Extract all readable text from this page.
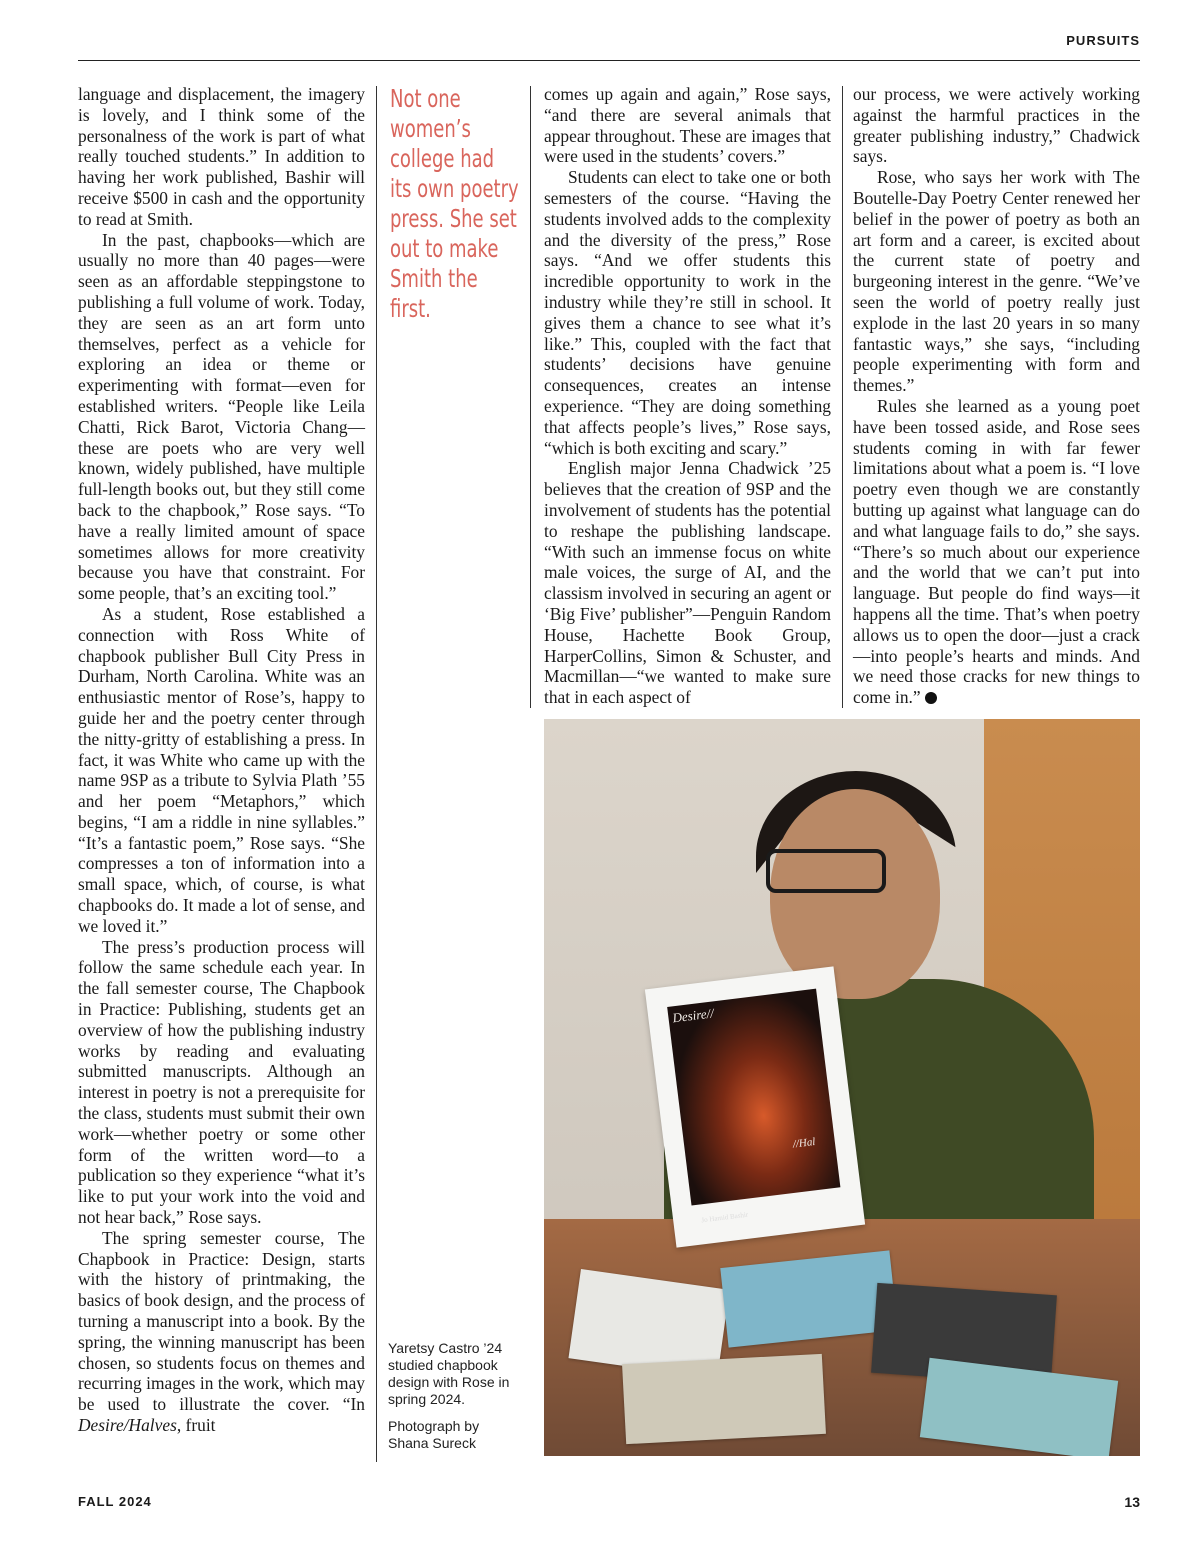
PURSUITS

language and displacement, the imagery is lovely, and I think some of the personalness of the work is part of what really touched students.” In addition to having her work published, Bashir will receive $500 in cash and the opportunity to read at Smith.

In the past, chapbooks—which are usually no more than 40 pages—were seen as an affordable steppingstone to publishing a full volume of work. Today, they are seen as an art form unto themselves, perfect as a vehicle for exploring an idea or theme or experimenting with format—even for established writers. “People like Leila Chatti, Rick Barot, Victoria Chang—these are poets who are very well known, widely published, have multiple full-length books out, but they still come back to the chapbook,” Rose says. “To have a really limited amount of space sometimes allows for more creativity because you have that constraint. For some people, that’s an exciting tool.”

As a student, Rose established a connection with Ross White of chapbook publisher Bull City Press in Durham, North Carolina. White was an enthusiastic mentor of Rose’s, happy to guide her and the poetry center through the nitty-gritty of establishing a press. In fact, it was White who came up with the name 9SP as a tribute to Sylvia Plath ’55 and her poem “Metaphors,” which begins, “I am a riddle in nine syllables.” “It’s a fantastic poem,” Rose says. “She compresses a ton of information into a small space, which, of course, is what chapbooks do. It made a lot of sense, and we loved it.”

The press’s production process will follow the same schedule each year. In the fall semester course, The Chapbook in Practice: Publishing, students get an overview of how the publishing industry works by reading and evaluating submitted manuscripts. Although an interest in poetry is not a prerequisite for the class, students must submit their own work—whether poetry or some other form of the written word—to a publication so they experience “what it’s like to put your work into the void and not hear back,” Rose says.

The spring semester course, The Chapbook in Practice: Design, starts with the history of printmaking, the basics of book design, and the process of turning a manuscript into a book. By the spring, the winning manuscript has been chosen, so students focus on themes and recurring images in the work, which may be used to illustrate the cover. “In Desire/Halves, fruit

Not one women’s college had its own poetry press. She set out to make Smith the first.
Yaretsy Castro ’24 studied chapbook design with Rose in spring 2024.
Photograph by Shana Sureck

comes up again and again,” Rose says, “and there are several animals that appear throughout. These are images that were used in the students’ covers.”

Students can elect to take one or both semesters of the course. “Having the students involved adds to the complexity and the diversity of the press,” Rose says. “And we offer students this incredible opportunity to work in the industry while they’re still in school. It gives them a chance to see what it’s like.” This, coupled with the fact that students’ decisions have genuine consequences, creates an intense experience. “They are doing something that affects people’s lives,” Rose says, “which is both exciting and scary.”

English major Jenna Chadwick ’25 believes that the creation of 9SP and the involvement of students has the potential to reshape the publishing landscape. “With such an immense focus on white male voices, the surge of AI, and the classism involved in securing an agent or ‘Big Five’ publisher”—Penguin Random House, Hachette Book Group, HarperCollins, Simon & Schuster, and Macmillan—“we wanted to make sure that in each aspect of

our process, we were actively working against the harmful practices in the greater publishing industry,” Chadwick says.

Rose, who says her work with The Boutelle-Day Poetry Center renewed her belief in the power of poetry as both an art form and a career, is excited about the current state of poetry and burgeoning interest in the genre. “We’ve seen the world of poetry really just explode in the last 20 years in so many fantastic ways,” she says, “including people experimenting with form and themes.”

Rules she learned as a young poet have been tossed aside, and Rose sees students coming in with far fewer limitations about what a poem is. “I love poetry even though we are constantly butting up against what language can do and what language fails to do,” she says. “There’s so much about our experience and the world that we can’t put into language. But people do find ways—it happens all the time. That’s when poetry allows us to open the door—just a crack—into people’s hearts and minds. And we need those cracks for new things to come in.”

Desire//
//Hal
Jo Hamid Bashir
FALL 2024	13
